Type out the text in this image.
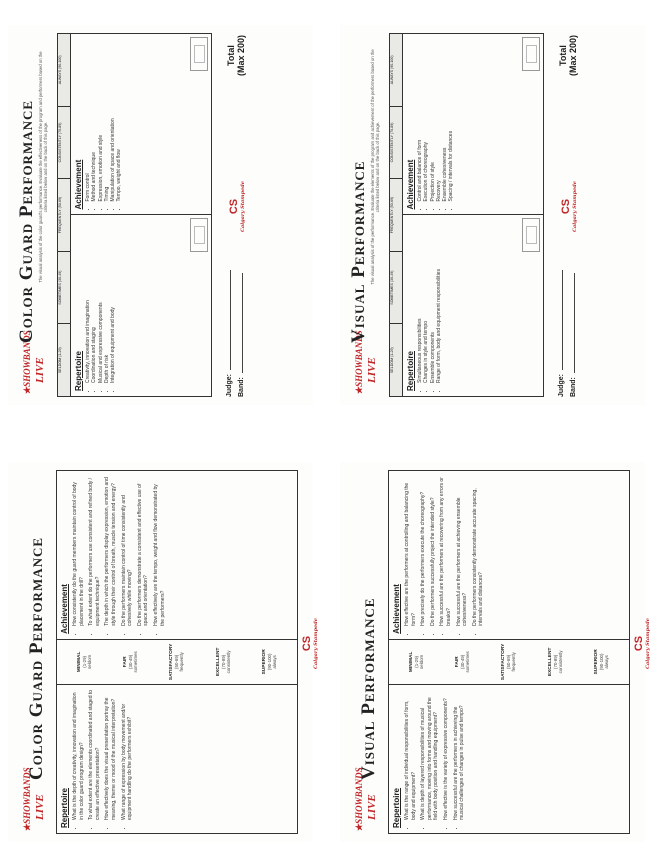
★SHOWBANDS LIVE
Color Guard Performance The visual analysis of the color guard's performance. Evaluate the effectiveness of the program and performers based on the criteria listed below and on the back of this page.
SELDOM (1-29)
SOMETIMES (30-49)
FREQUENTLY (50-69)
CONSISTENTLY (70-89)
ALWAYS (90-100)
Repertoire • Creativity, innovation and imagination • Coordination and staging • Musical and expressive components • Depth of risk • Integration of equipment and body
Achievement • Form control • Method and technique • Expression, emotion and style • Timing • Manipulation of space and orientation • Tempo, weight and flow
Judge: Band:
CS Calgary Stampede
Total (Max 200)
★SHOWBANDS LIVE
Visual Performance The visual analysis of the performance. Evaluate the elements of the program and achievement of the performers based on the criteria listed below and on the back of this page.
SELDOM (1-29)
SOMETIMES (30-49)
FREQUENTLY (50-69)
CONSISTENTLY (70-89)
ALWAYS (90-100)
Repertoire • Simultaneous responsibilities • Changes in style and tempo • Ensemble components • Range of form, body and equipment responsibilities
Achievement • Control and balance of form • Execution of choreography • Projection of style • Recovery • Ensemble cohesiveness • Spacing / intervals for distances
Judge: Band:
CS Calgary Stampede
Total (Max 200)
★SHOWBANDS LIVE
Color Guard Performance
Repertoire • What is the depth of creativity, innovation and imagination in the color guard program design? • To what extent are the elements coordinated and staged to create an effective presentation? • How effectively does the visual presentation portray the meaning, theme or mood of the musical interpretation? • What range of expression by body movement and/or equipment handling do the performers exhibit?
MINIMAL (1-29) seldom	FAIR (30-49) sometimes	SATISFACTORY (50-69) frequently	EXCELLENT (70-89) consistently	SUPERIOR (90-100) always
Achievement • How consistently do the guard members maintain control of body placement in the drill? • To what extent do the performers use consistent and refined body / equipment technique? • The depth in which the performers display expression, emotion and style through their control of breath, muscle tension and energy? • Do the performers maintain control of time consistently and cohesively while moving? • Do the performers demonstrate a consistent and effective use of space and orientation? • How effectively are the tempo, weight and flow demonstrated by the performers?
CS Calgary Stampede
★SHOWBANDS LIVE
Visual Performance
Repertoire • What is the range of individual responsibilities of form, body and equipment? • What is depth of layered responsibilities of musical performance, moving into forms and moving around the field with body position and handling equipment? • How effective is the variety of expressive components? • How successful are the performers in achieving the musical challenges of changes in pulse and tempo?
MINIMAL (1-29) seldom	FAIR (30-49) sometimes	SATISFACTORY (50-69) frequently	EXCELLENT (70-89) consistently	SUPERIOR (90-100) always
Achievement • How effective are the performers at controlling and balancing the form? • How precisely do the performers execute the choreography? • Do the performers successfully project the intended style? • How successful are the performers at recovering from any errors or breaks? • How successful are the performers at achieving ensemble cohesiveness? • Do the performers consistently demonstrate accurate spacing, intervals and distances?
CS Calgary Stampede
